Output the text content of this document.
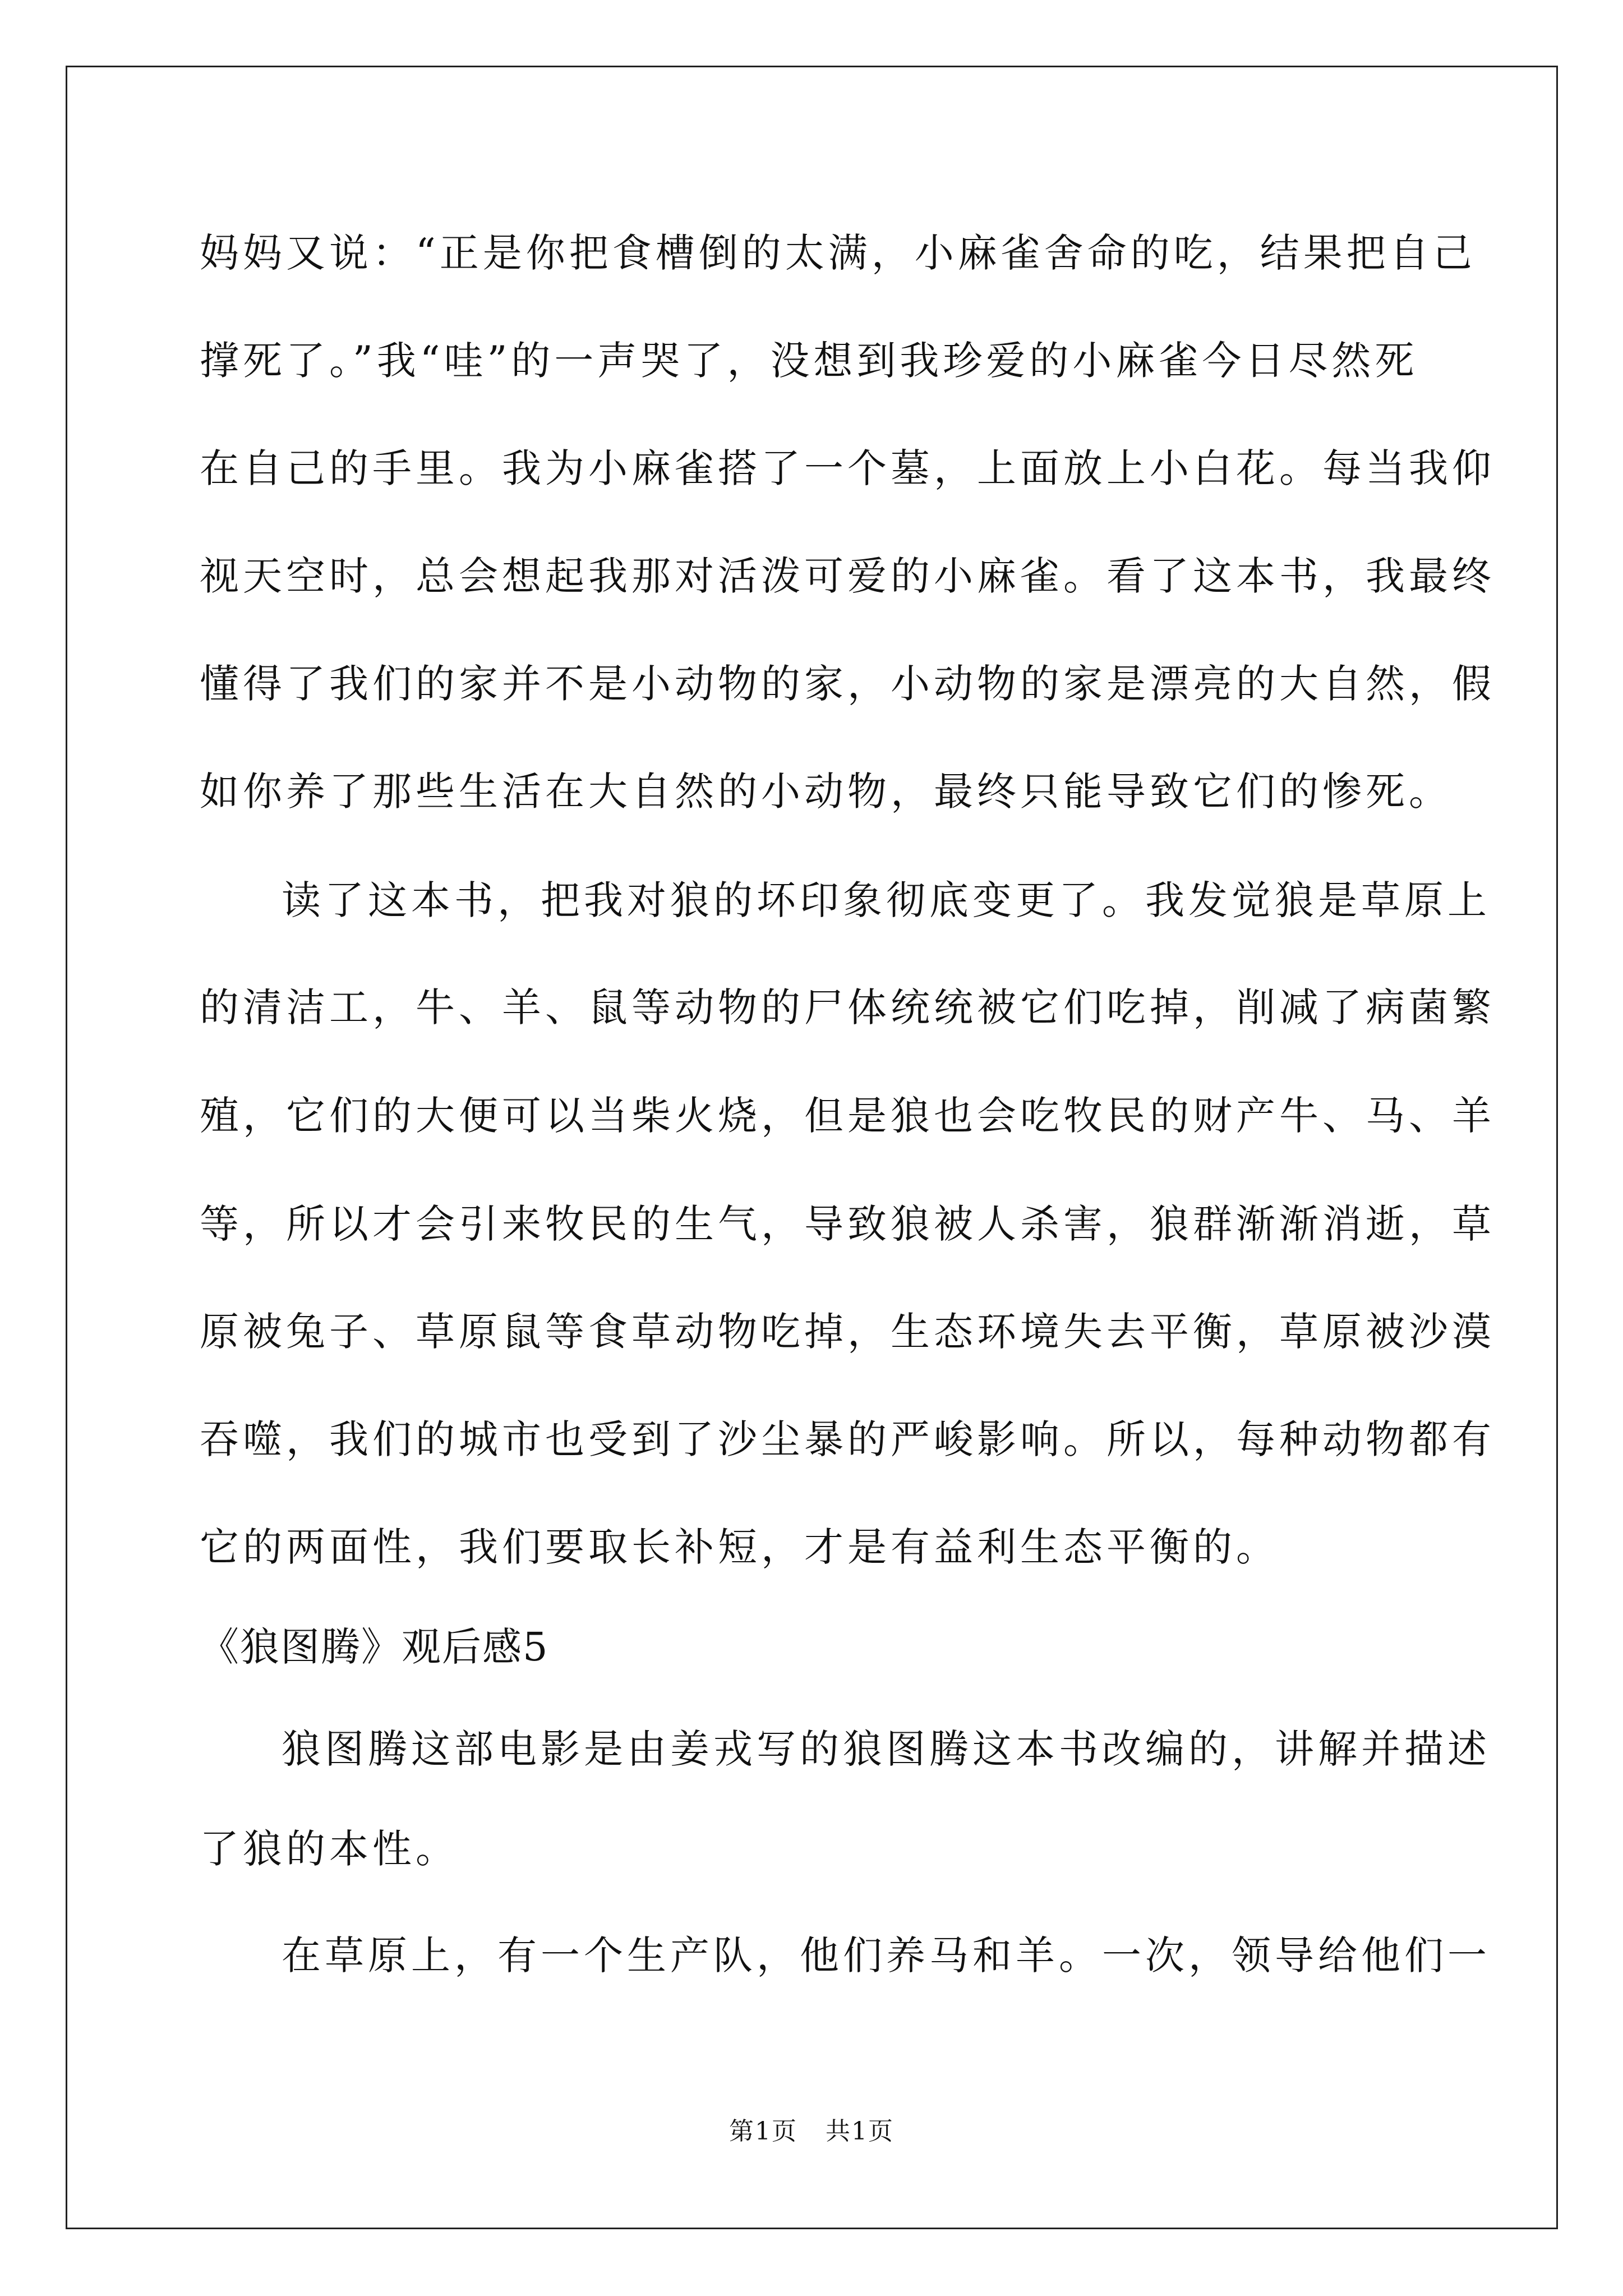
妈妈又说：“正是你把食槽倒的太满，小麻雀舍命的吃，结果把自己
撑死了。”我“哇”的一声哭了，没想到我珍爱的小麻雀今日尽然死
在自己的手里。我为小麻雀搭了一个墓，上面放上小白花。每当我仰
视天空时，总会想起我那对活泼可爱的小麻雀。看了这本书，我最终
懂得了我们的家并不是小动物的家，小动物的家是漂亮的大自然，假
如你养了那些生活在大自然的小动物，最终只能导致它们的惨死。
读了这本书，把我对狼的坏印象彻底变更了。我发觉狼是草原上
的清洁工，牛、羊、鼠等动物的尸体统统被它们吃掉，削减了病菌繁
殖，它们的大便可以当柴火烧，但是狼也会吃牧民的财产牛、马、羊
等，所以才会引来牧民的生气，导致狼被人杀害，狼群渐渐消逝，草
原被兔子、草原鼠等食草动物吃掉，生态环境失去平衡，草原被沙漠
吞噬，我们的城市也受到了沙尘暴的严峻影响。所以，每种动物都有
它的两面性，我们要取长补短，才是有益利生态平衡的。
《狼图腾》观后感5
狼图腾这部电影是由姜戎写的狼图腾这本书改编的，讲解并描述
了狼的本性。
在草原上，有一个生产队，他们养马和羊。一次，领导给他们一
第1页 共1页
